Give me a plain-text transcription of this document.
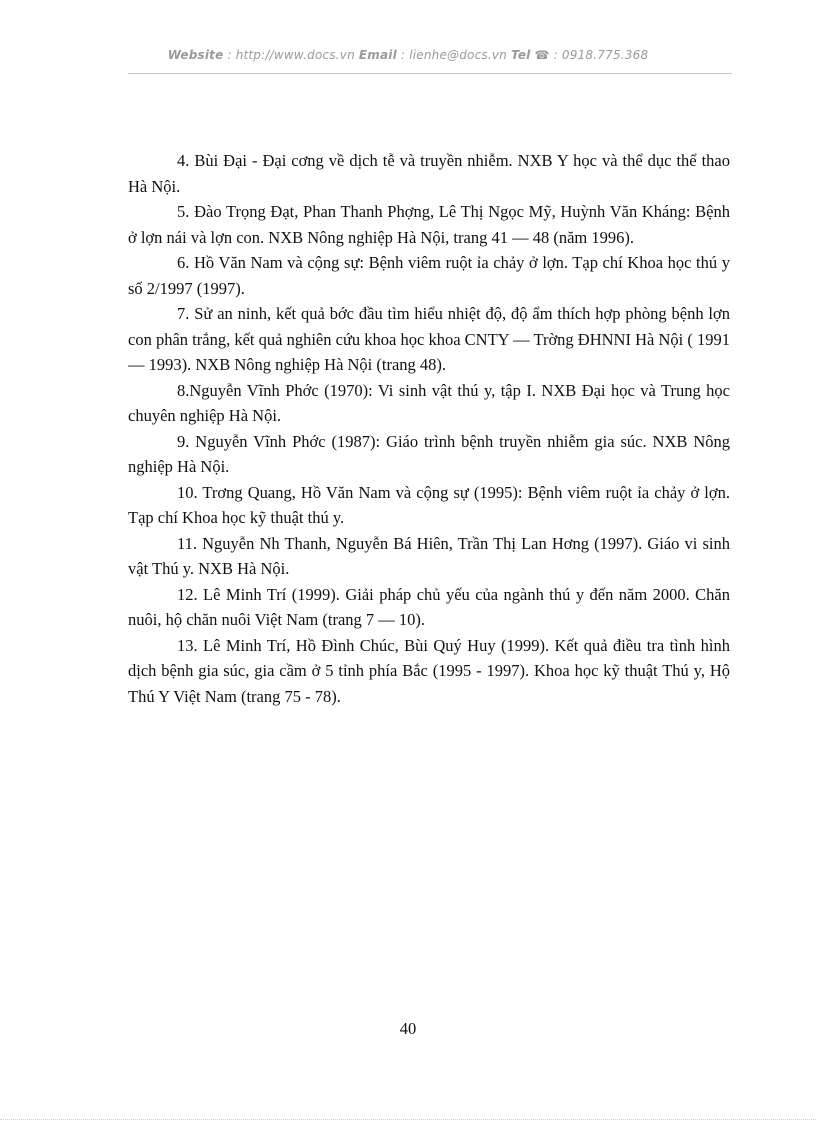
Website : http://www.docs.vn Email : lienhe@docs.vn Tel ☎ : 0918.775.368

4. Bùi Đại - Đại cơng về dịch tễ và truyền nhiễm. NXB Y học và thể dục thể thao Hà Nội.

5. Đào Trọng Đạt, Phan Thanh Phợng, Lê Thị Ngọc Mỹ, Huỳnh Văn Kháng: Bệnh ở lợn nái và lợn con. NXB Nông nghiệp Hà Nội, trang 41 — 48 (năm 1996).

6. Hồ Văn Nam và cộng sự: Bệnh viêm ruột ỉa chảy ở lợn. Tạp chí Khoa học thú y số 2/1997 (1997).

7. Sử an ninh, kết quả bớc đầu tìm hiểu nhiệt độ, độ ẩm thích hợp phòng bệnh lợn con phân trắng, kết quả nghiên cứu khoa học khoa CNTY — Trờng ĐHNNI Hà Nội ( 1991 — 1993). NXB Nông nghiệp Hà Nội (trang 48).

8.Nguyễn Vĩnh Phớc (1970): Vi sinh vật thú y, tập I. NXB Đại học và Trung học chuyên nghiệp Hà Nội.

9. Nguyễn Vĩnh Phớc (1987): Giáo trình bệnh truyền nhiễm gia súc. NXB Nông nghiệp Hà Nội.

10. Trơng Quang, Hồ Văn Nam và cộng sự (1995): Bệnh viêm ruột ỉa chảy ở lợn. Tạp chí Khoa học kỹ thuật thú y.

11. Nguyễn Nh Thanh, Nguyễn Bá Hiên, Trần Thị Lan Hơng (1997). Giáo vi sinh vật Thú y. NXB Hà Nội.

12. Lê Minh Trí (1999). Giải pháp chủ yếu của ngành thú y đến năm 2000. Chăn nuôi, hộ chăn nuôi Việt Nam (trang 7 — 10).

13. Lê Minh Trí, Hồ Đình Chúc, Bùi Quý Huy (1999). Kết quả điều tra tình hình dịch bệnh gia súc, gia cầm ở 5 tỉnh phía Bắc (1995 - 1997). Khoa học kỹ thuật Thú y, Hộ Thú Y Việt Nam (trang 75 - 78).

40
